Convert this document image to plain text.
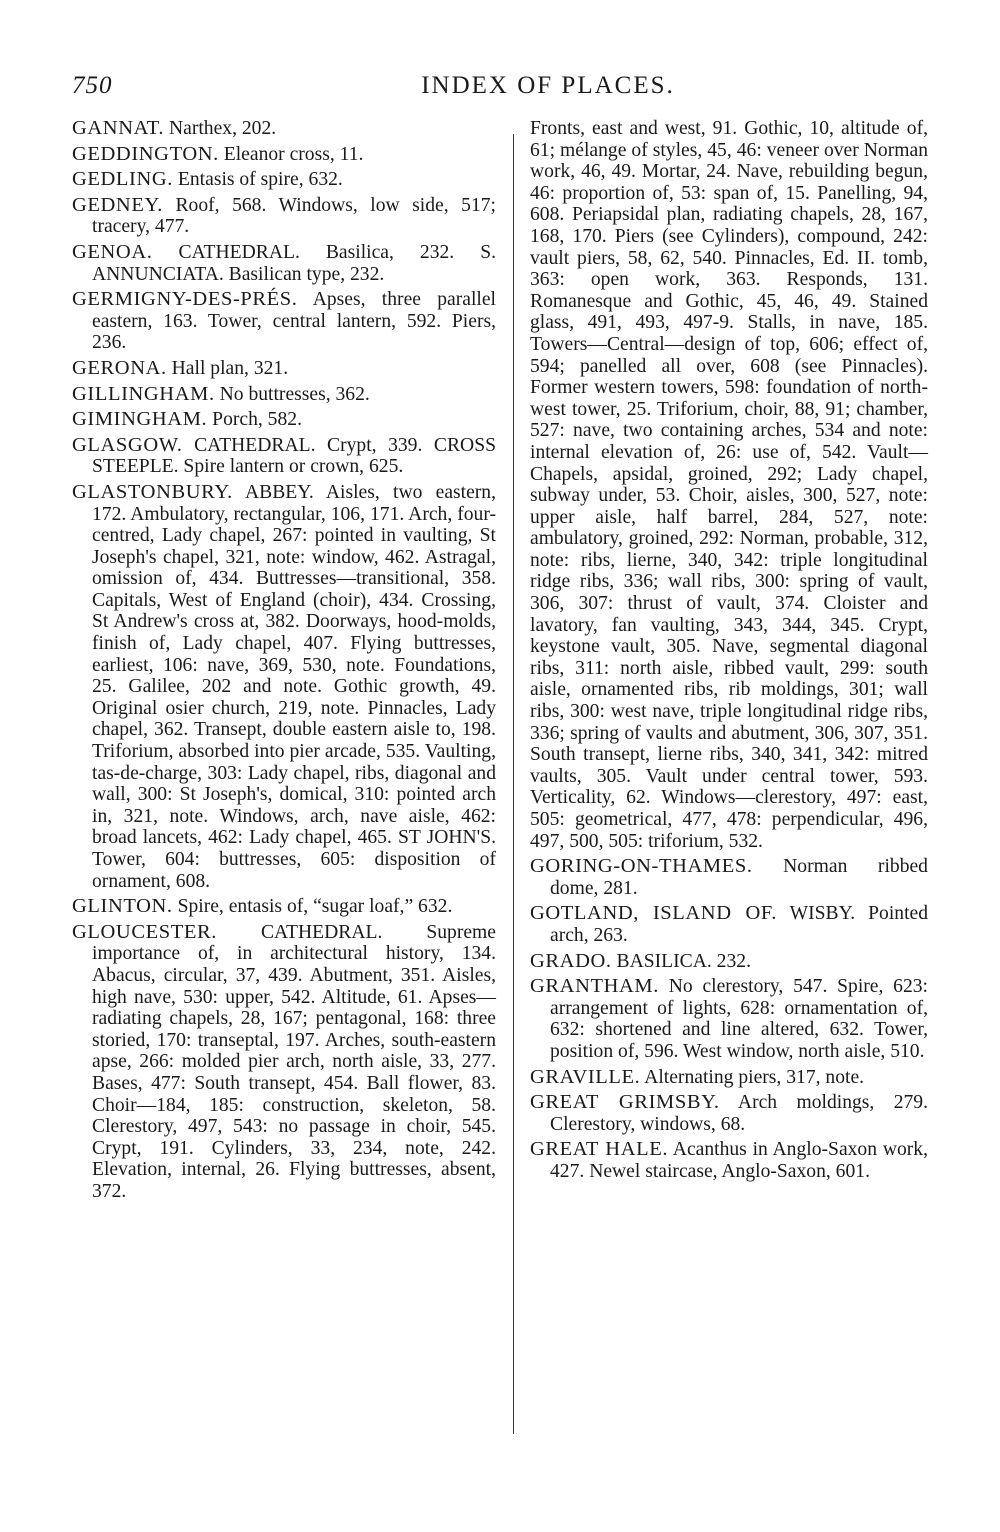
750	INDEX OF PLACES.

GANNAT. Narthex, 202.

GEDDINGTON. Eleanor cross, 11.

GEDLING. Entasis of spire, 632.

GEDNEY. Roof, 568. Windows, low side, 517; tracery, 477.

GENOA. CATHEDRAL. Basilica, 232. S. ANNUNCIATA. Basilican type, 232.

GERMIGNY-DES-PRÉS. Apses, three parallel eastern, 163. Tower, central lantern, 592. Piers, 236.

GERONA. Hall plan, 321.

GILLINGHAM. No buttresses, 362.

GIMINGHAM. Porch, 582.

GLASGOW. CATHEDRAL. Crypt, 339. CROSS STEEPLE. Spire lantern or crown, 625.

GLASTONBURY. ABBEY. Aisles, two eastern, 172. Ambulatory, rectangular, 106, 171. Arch, four-centred, Lady chapel, 267: pointed in vaulting, St Joseph's chapel, 321, note: window, 462. Astragal, omission of, 434. Buttresses—transitional, 358. Capitals, West of England (choir), 434. Crossing, St Andrew's cross at, 382. Doorways, hood-molds, finish of, Lady chapel, 407. Flying buttresses, earliest, 106: nave, 369, 530, note. Foundations, 25. Galilee, 202 and note. Gothic growth, 49. Original osier church, 219, note. Pinnacles, Lady chapel, 362. Transept, double eastern aisle to, 198. Triforium, absorbed into pier arcade, 535. Vaulting, tas-de-charge, 303: Lady chapel, ribs, diagonal and wall, 300: St Joseph's, domical, 310: pointed arch in, 321, note. Windows, arch, nave aisle, 462: broad lancets, 462: Lady chapel, 465. ST JOHN'S. Tower, 604: buttresses, 605: disposition of ornament, 608.

GLINTON. Spire, entasis of, “sugar loaf,” 632.

GLOUCESTER. CATHEDRAL. Supreme importance of, in architectural history, 134. Abacus, circular, 37, 439. Abutment, 351. Aisles, high nave, 530: upper, 542. Altitude, 61. Apses—radiating chapels, 28, 167; pentagonal, 168: three storied, 170: transeptal, 197. Arches, south-eastern apse, 266: molded pier arch, north aisle, 33, 277. Bases, 477: South transept, 454. Ball flower, 83. Choir—184, 185: construction, skeleton, 58. Clerestory, 497, 543: no passage in choir, 545. Crypt, 191. Cylinders, 33, 234, note, 242. Elevation, internal, 26. Flying buttresses, absent, 372.

Fronts, east and west, 91. Gothic, 10, altitude of, 61; mélange of styles, 45, 46: veneer over Norman work, 46, 49. Mortar, 24. Nave, rebuilding begun, 46: proportion of, 53: span of, 15. Panelling, 94, 608. Periapsidal plan, radiating chapels, 28, 167, 168, 170. Piers (see Cylinders), compound, 242: vault piers, 58, 62, 540. Pinnacles, Ed. II. tomb, 363: open work, 363. Responds, 131. Romanesque and Gothic, 45, 46, 49. Stained glass, 491, 493, 497-9. Stalls, in nave, 185. Towers—Central—design of top, 606; effect of, 594; panelled all over, 608 (see Pinnacles). Former western towers, 598: foundation of north-west tower, 25. Triforium, choir, 88, 91; chamber, 527: nave, two containing arches, 534 and note: internal elevation of, 26: use of, 542. Vault—Chapels, apsidal, groined, 292; Lady chapel, subway under, 53. Choir, aisles, 300, 527, note: upper aisle, half barrel, 284, 527, note: ambulatory, groined, 292: Norman, probable, 312, note: ribs, lierne, 340, 342: triple longitudinal ridge ribs, 336; wall ribs, 300: spring of vault, 306, 307: thrust of vault, 374. Cloister and lavatory, fan vaulting, 343, 344, 345. Crypt, keystone vault, 305. Nave, segmental diagonal ribs, 311: north aisle, ribbed vault, 299: south aisle, ornamented ribs, rib moldings, 301; wall ribs, 300: west nave, triple longitudinal ridge ribs, 336; spring of vaults and abutment, 306, 307, 351. South transept, lierne ribs, 340, 341, 342: mitred vaults, 305. Vault under central tower, 593. Verticality, 62. Windows—clerestory, 497: east, 505: geometrical, 477, 478: perpendicular, 496, 497, 500, 505: triforium, 532.

GORING-ON-THAMES. Norman ribbed dome, 281.

GOTLAND, ISLAND OF. WISBY. Pointed arch, 263.

GRADO. BASILICA. 232.

GRANTHAM. No clerestory, 547. Spire, 623: arrangement of lights, 628: ornamentation of, 632: shortened and line altered, 632. Tower, position of, 596. West window, north aisle, 510.

GRAVILLE. Alternating piers, 317, note.

GREAT GRIMSBY. Arch moldings, 279. Clerestory, windows, 68.

GREAT HALE. Acanthus in Anglo-Saxon work, 427. Newel staircase, Anglo-Saxon, 601.
